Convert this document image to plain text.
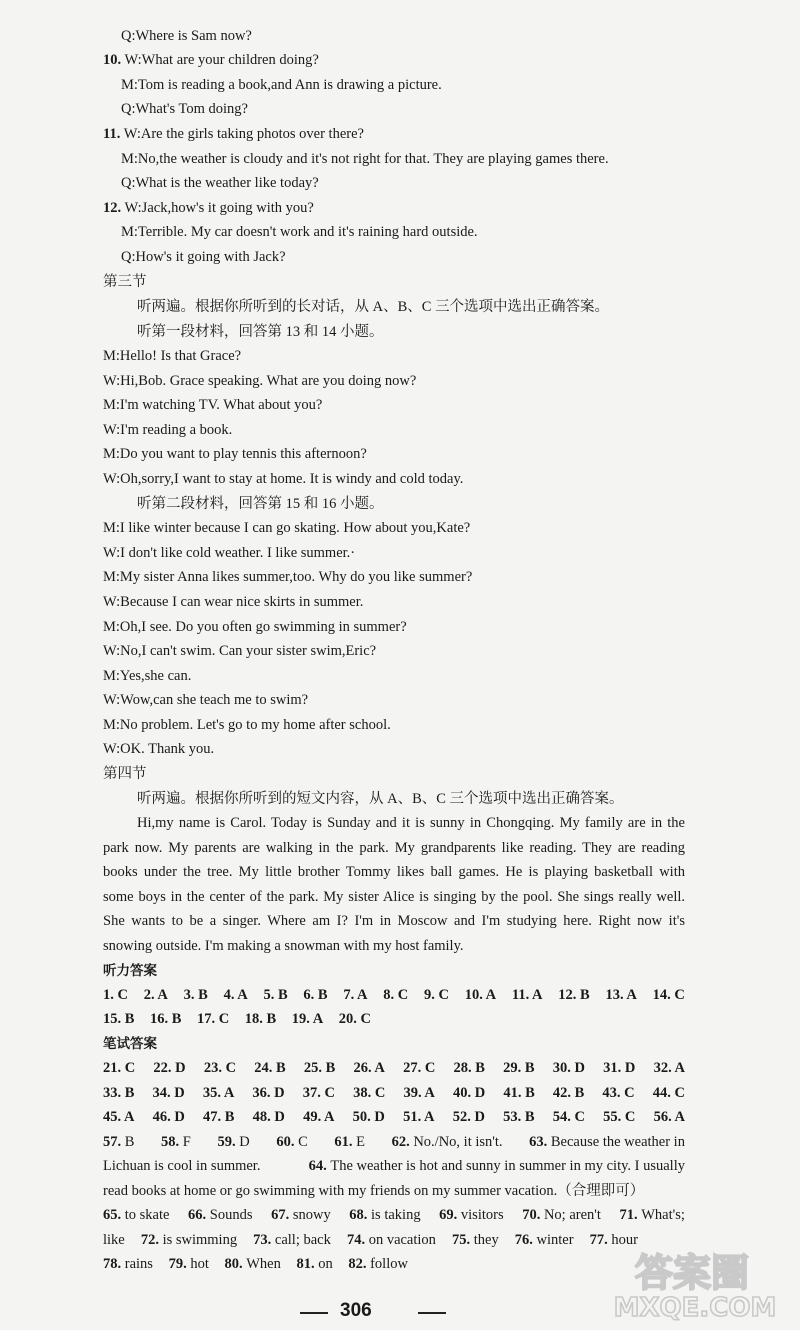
Q:Where is Sam now?
10. W:What are your children doing?
M:Tom is reading a book,and Ann is drawing a picture.
Q:What's Tom doing?
11. W:Are the girls taking photos over there?
M:No,the weather is cloudy and it's not right for that. They are playing games there.
Q:What is the weather like today?
12. W:Jack,how's it going with you?
M:Terrible. My car doesn't work and it's raining hard outside.
Q:How's it going with Jack?
第三节
听两遍。根据你所听到的长对话，从 A、B、C 三个选项中选出正确答案。
听第一段材料，回答第 13 和 14 小题。
M:Hello! Is that Grace?
W:Hi,Bob. Grace speaking. What are you doing now?
M:I'm watching TV. What about you?
W:I'm reading a book.
M:Do you want to play tennis this afternoon?
W:Oh,sorry,I want to stay at home. It is windy and cold today.
听第二段材料，回答第 15 和 16 小题。
M:I like winter because I can go skating. How about you,Kate?
W:I don't like cold weather. I like summer.·
M:My sister Anna likes summer,too. Why do you like summer?
W:Because I can wear nice skirts in summer.
M:Oh,I see. Do you often go swimming in summer?
W:No,I can't swim. Can your sister swim,Eric?
M:Yes,she can.
W:Wow,can she teach me to swim?
M:No problem. Let's go to my home after school.
W:OK. Thank you.
第四节
听两遍。根据你所听到的短文内容，从 A、B、C 三个选项中选出正确答案。
Hi,my name is Carol. Today is Sunday and it is sunny in Chongqing. My family are in the
park now. My parents are walking in the park. My grandparents like reading. They are reading
books under the tree. My little brother Tommy likes ball games. He is playing basketball with
some boys in the center of the park. My sister Alice is singing by the pool. She sings really well.
She wants to be a singer. Where am I? I'm in Moscow and I'm studying here. Right now it's
snowing outside. I'm making a snowman with my host family.
听力答案
1. C 2. A 3. B 4. A 5. B 6. B 7. A 8. C 9. C 10. A 11. A 12. B 13. A 14. C
15. B 16. B 17. C 18. B 19. A 20. C
笔试答案
21. C 22. D 23. C 24. B 25. B 26. A 27. C 28. B 29. B 30. D 31. D 32. A
33. B 34. D 35. A 36. D 37. C 38. C 39. A 40. D 41. B 42. B 43. C 44. C
45. A 46. D 47. B 48. D 49. A 50. D 51. A 52. D 53. B 54. C 55. C 56. A
57. B 58. F 59. D 60. C 61. E 62. No./No, it isn't. 63. Because the weather in
Lichuan is cool in summer.	64. The weather is hot and sunny in summer in my city. I usually
read books at home or go swimming with my friends on my summer vacation.（合理即可）
65. to skate 66. Sounds 67. snowy 68. is taking 69. visitors 70. No; aren't 71. What's;
like 72. is swimming 73. call; back 74. on vacation 75. they 76. winter 77. hour
78. rains 79. hot 80. When 81. on 82. follow
306
答案圈
MXQE.COM
